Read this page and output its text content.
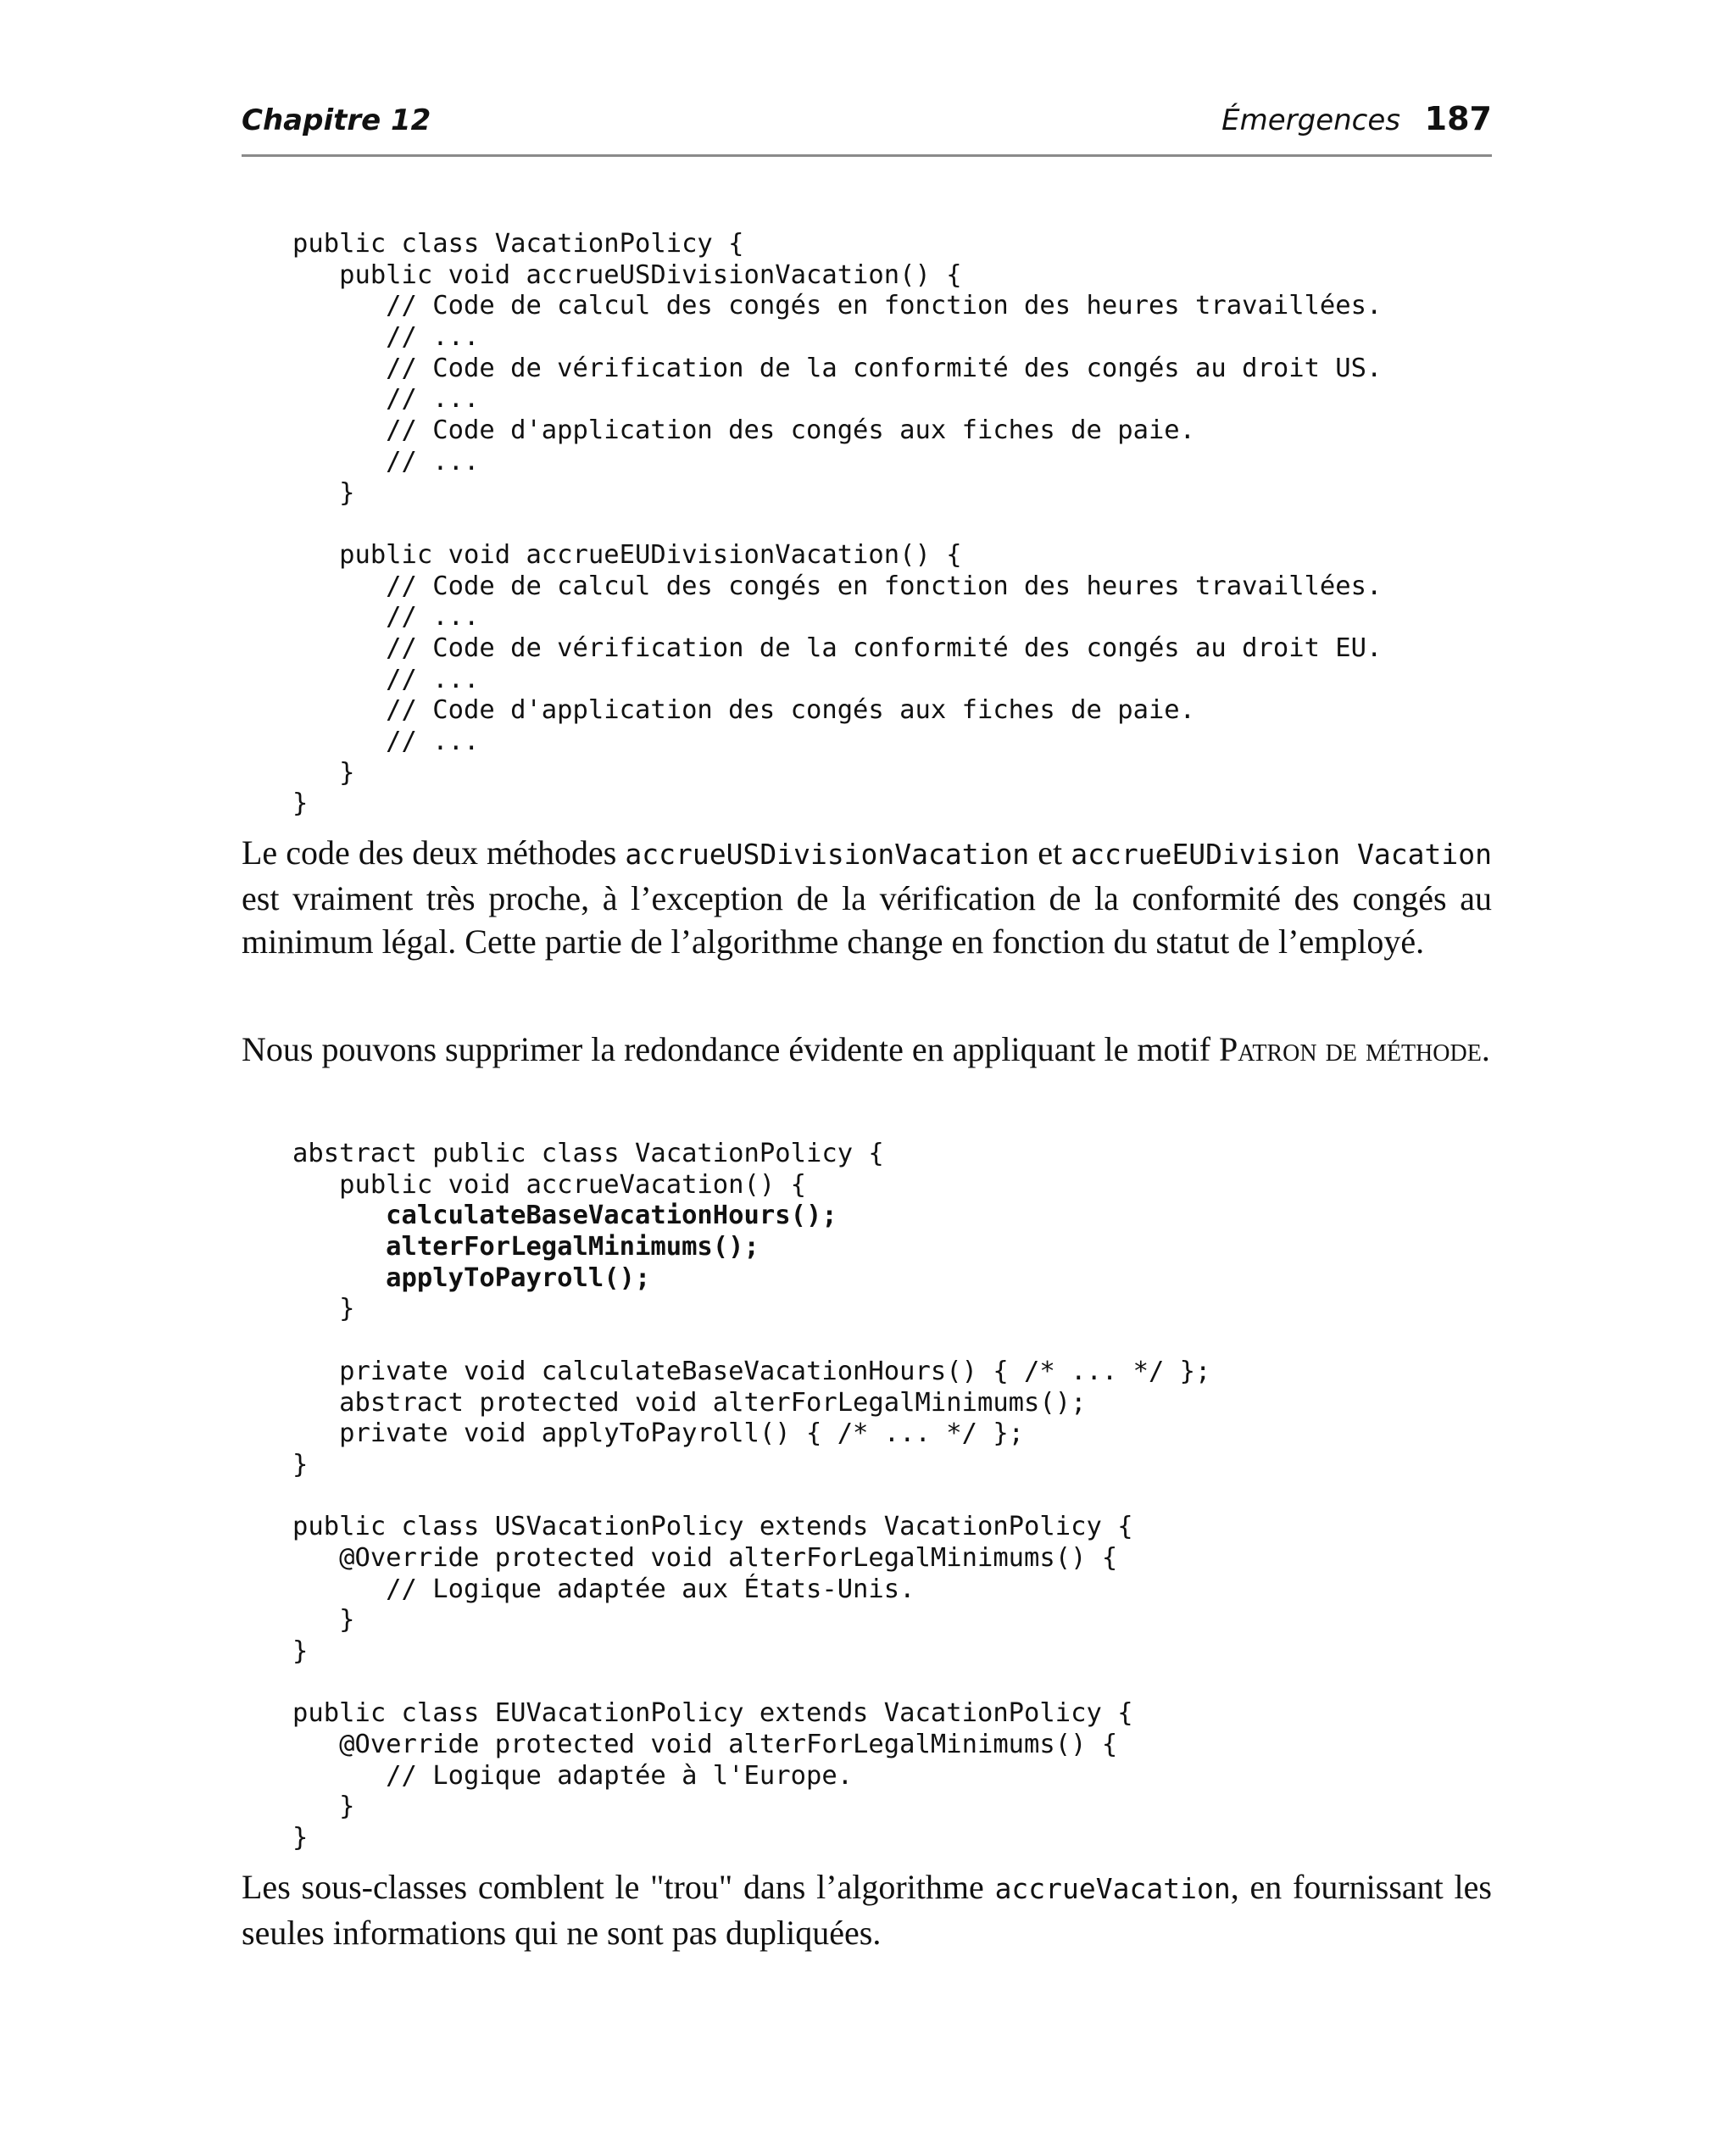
Chapitre 12	Émergences 187
public class VacationPolicy {
public void accrueUSDivisionVacation() {
// Code de calcul des congés en fonction des heures travaillées.
// ...
// Code de vérification de la conformité des congés au droit US.
// ...
// Code d'application des congés aux fiches de paie.
// ...
}
public void accrueEUDivisionVacation() {
// Code de calcul des congés en fonction des heures travaillées.
// ...
// Code de vérification de la conformité des congés au droit EU.
// ...
// Code d'application des congés aux fiches de paie.
// ...
}
}

Le code des deux méthodes accrueUSDivisionVacation et accrueEUDivision Vacation est vraiment très proche, à l’exception de la vérification de la conformité des congés au minimum légal. Cette partie de l’algorithme change en fonction du statut de l’employé.

Nous pouvons supprimer la redondance évidente en appliquant le motif Patron de méthode.

abstract public class VacationPolicy {
public void accrueVacation() {
calculateBaseVacationHours();
alterForLegalMinimums();
applyToPayroll();
}
private void calculateBaseVacationHours() { /* ... */ };
abstract protected void alterForLegalMinimums();
private void applyToPayroll() { /* ... */ };
}
public class USVacationPolicy extends VacationPolicy {
@Override protected void alterForLegalMinimums() {
// Logique adaptée aux États-Unis.
}
}
public class EUVacationPolicy extends VacationPolicy {
@Override protected void alterForLegalMinimums() {
// Logique adaptée à l'Europe.
}
}

Les sous-classes comblent le "trou" dans l’algorithme accrueVacation, en fournissant les seules informations qui ne sont pas dupliquées.
